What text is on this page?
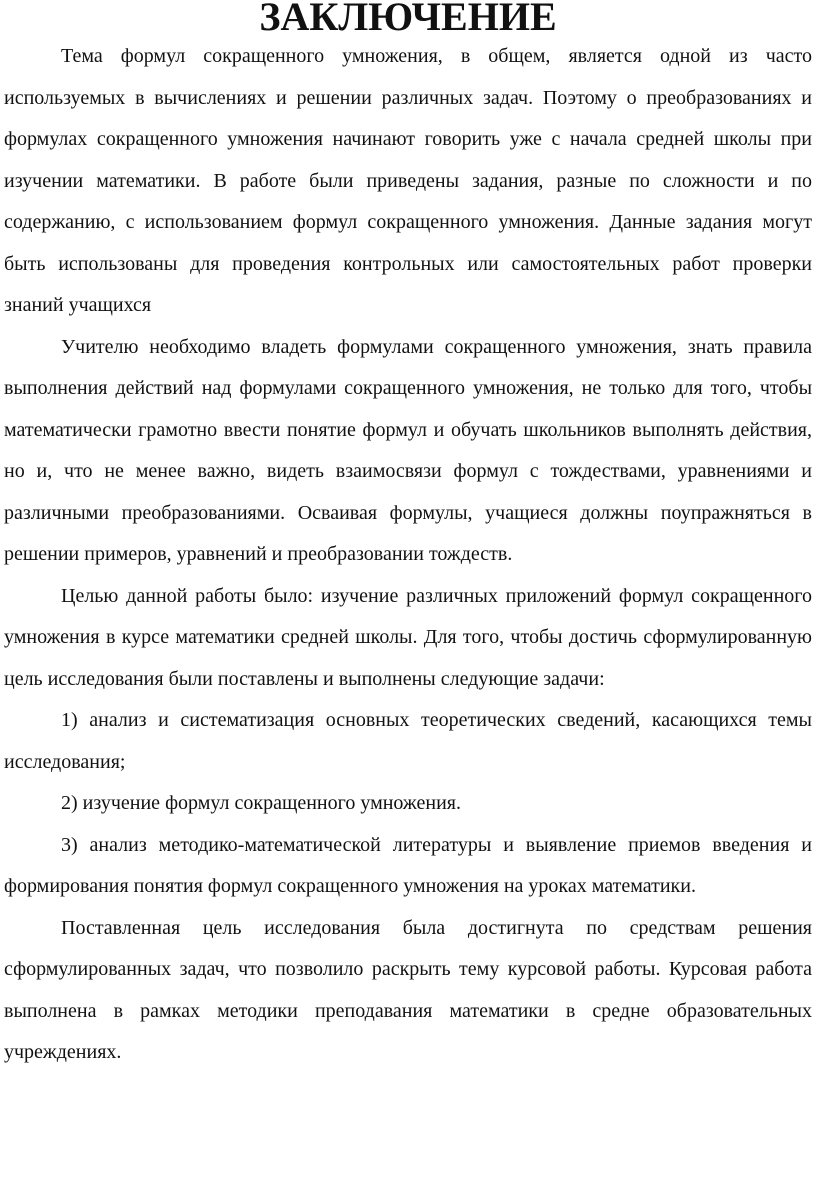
ЗАКЛЮЧЕНИЕ

Тема формул сокращенного умножения, в общем, является одной из часто используемых в вычислениях и решении различных задач. Поэтому о преобразованиях и формулах сокращенного умножения начинают говорить уже с начала средней школы при изучении математики. В работе были приведены задания, разные по сложности и по содержанию, с использованием формул сокращенного умножения. Данные задания могут быть использованы для проведения контрольных или самостоятельных работ проверки знаний учащихся

Учителю необходимо владеть формулами сокращенного умножения, знать правила выполнения действий над формулами сокращенного умножения, не только для того, чтобы математически грамотно ввести понятие формул и обучать школьников выполнять действия, но и, что не менее важно, видеть взаимосвязи формул с тождествами, уравнениями и различными преобразованиями. Осваивая формулы, учащиеся должны поупражняться в решении примеров, уравнений и преобразовании тождеств.

Целью данной работы было: изучение различных приложений формул сокращенного умножения в курсе математики средней школы. Для того, чтобы достичь сформулированную цель исследования были поставлены и выполнены следующие задачи:

1) анализ и систематизация основных теоретических сведений, касающихся темы исследования;

2) изучение формул сокращенного умножения.

3) анализ методико-математической литературы и выявление приемов введения и формирования понятия формул сокращенного умножения на уроках математики.

Поставленная цель исследования была достигнута по средствам решения сформулированных задач, что позволило раскрыть тему курсовой работы. Курсовая работа выполнена в рамках методики преподавания математики в средне образовательных учреждениях.
